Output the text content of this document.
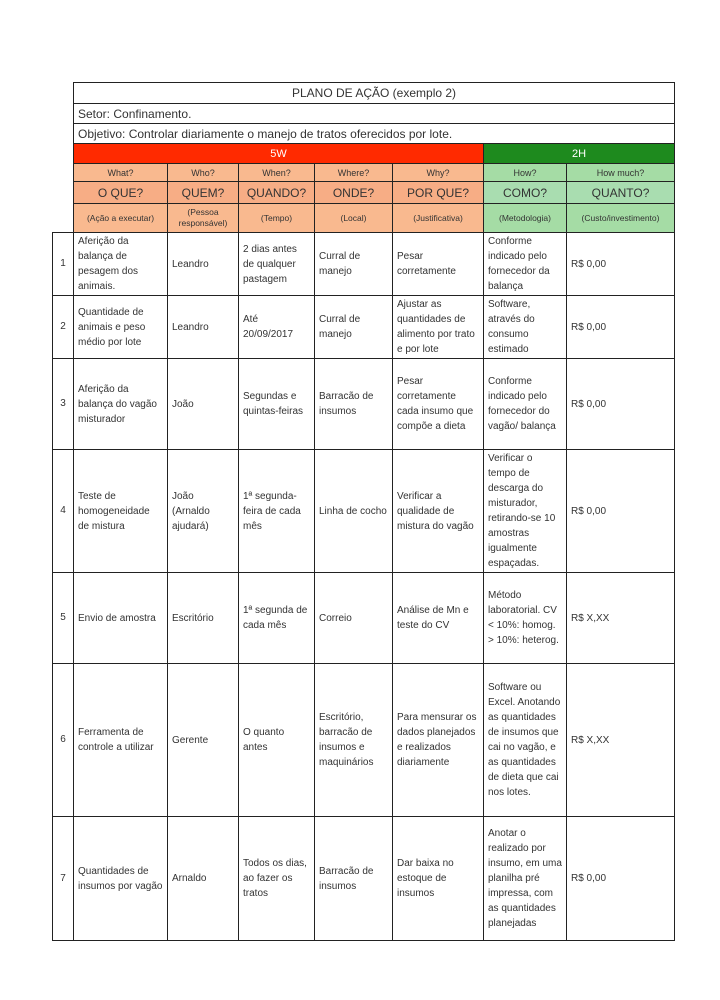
	PLANO DE AÇÃO (exemplo 2)						
	Setor: Confinamento.						
	Objetivo: Controlar diariamente o manejo de tratos oferecidos por lote.						
	5W					2H	
	What?	Who?	When?	Where?	Why?	How?	How much?
	O QUE?	QUEM?	QUANDO?	ONDE?	POR QUE?	COMO?	QUANTO?
	(Ação a executar)	(Pessoa responsável)	(Tempo)	(Local)	(Justificativa)	(Metodologia)	(Custo/investimento)
1	Aferição da balança de pesagem dos animais.	Leandro	2 dias antes de qualquer pastagem	Curral de manejo	Pesar corretamente	Conforme indicado pelo fornecedor da balança	R$ 0,00
2	Quantidade de animais e peso médio por lote	Leandro	Até 20/09/2017	Curral de manejo	Ajustar as quantidades de alimento por trato e por lote	Software, através do consumo estimado	R$ 0,00
3	Aferição da balança do vagão misturador	João	Segundas e quintas-feiras	Barracão de insumos	Pesar corretamente cada insumo que compõe a dieta	Conforme indicado pelo fornecedor do vagão/ balança	R$ 0,00
4	Teste de homogeneidade de mistura	João (Arnaldo ajudará)	1ª segunda-feira de cada mês	Linha de cocho	Verificar a qualidade de mistura do vagão	Verificar o tempo de descarga do misturador, retirando-se 10 amostras igualmente espaçadas.	R$ 0,00
5	Envio de amostra	Escritório	1ª segunda de cada mês	Correio	Análise de Mn e teste do CV	Método laboratorial. CV < 10%: homog. > 10%: heterog.	R$ X,XX
6	Ferramenta de controle a utilizar	Gerente	O quanto antes	Escritório, barracão de insumos e maquinários	Para mensurar os dados planejados e realizados diariamente	Software ou Excel. Anotando as quantidades de insumos que cai no vagão, e as quantidades de dieta que cai nos lotes.	R$ X,XX
7	Quantidades de insumos por vagão	Arnaldo	Todos os dias, ao fazer os tratos	Barracão de insumos	Dar baixa no estoque de insumos	Anotar o realizado por insumo, em uma planilha pré impressa, com as quantidades planejadas	R$ 0,00
